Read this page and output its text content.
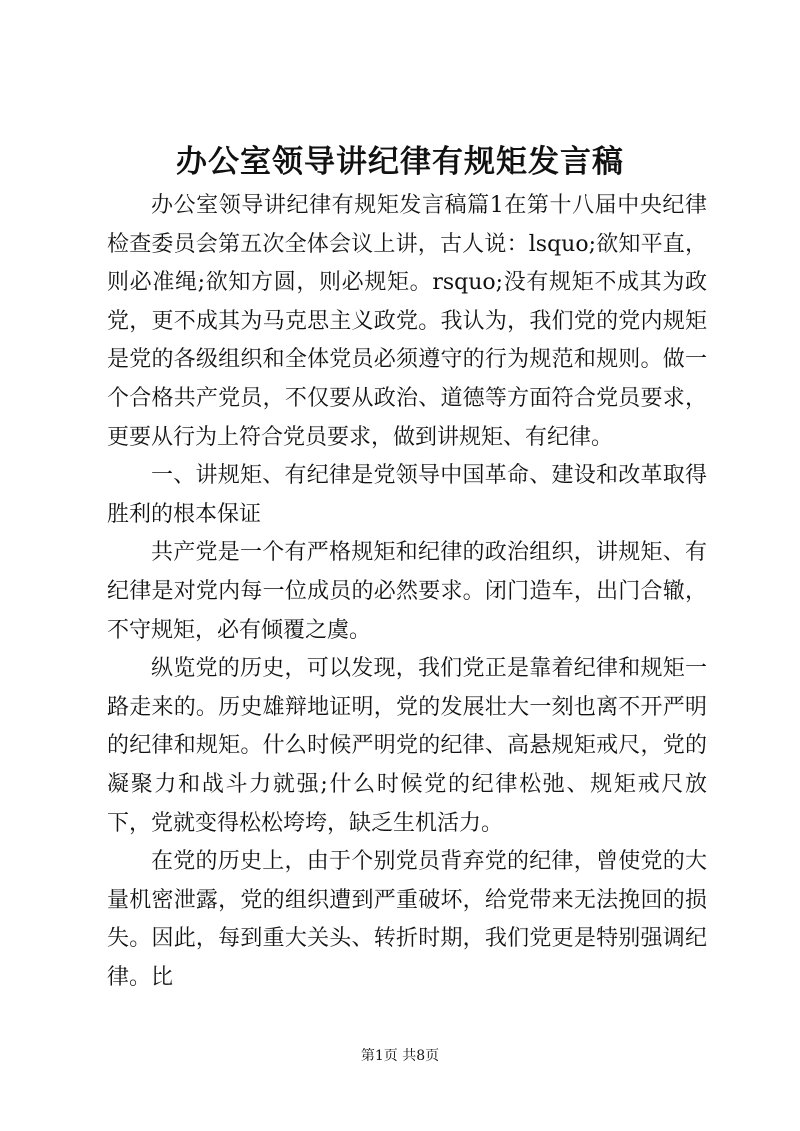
办公室领导讲纪律有规矩发言稿

办公室领导讲纪律有规矩发言稿篇1在第十八届中央纪律检查委员会第五次全体会议上讲，古人说：lsquo;欲知平直，则必准绳;欲知方圆，则必规矩。rsquo;没有规矩不成其为政党，更不成其为马克思主义政党。我认为，我们党的党内规矩是党的各级组织和全体党员必须遵守的行为规范和规则。做一个合格共产党员，不仅要从政治、道德等方面符合党员要求，更要从行为上符合党员要求，做到讲规矩、有纪律。

一、讲规矩、有纪律是党领导中国革命、建设和改革取得胜利的根本保证

共产党是一个有严格规矩和纪律的政治组织，讲规矩、有纪律是对党内每一位成员的必然要求。闭门造车，出门合辙，不守规矩，必有倾覆之虞。

纵览党的历史，可以发现，我们党正是靠着纪律和规矩一路走来的。历史雄辩地证明，党的发展壮大一刻也离不开严明的纪律和规矩。什么时候严明党的纪律、高悬规矩戒尺，党的凝聚力和战斗力就强;什么时候党的纪律松弛、规矩戒尺放下，党就变得松松垮垮，缺乏生机活力。

在党的历史上，由于个别党员背弃党的纪律，曾使党的大量机密泄露，党的组织遭到严重破坏，给党带来无法挽回的损失。因此，每到重大关头、转折时期，我们党更是特别强调纪律。比

第1页 共8页
